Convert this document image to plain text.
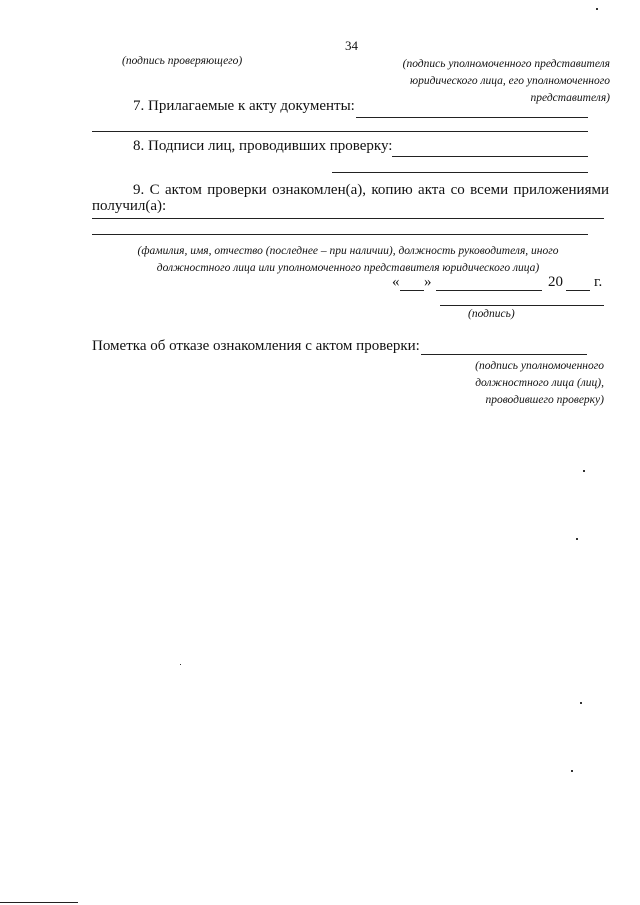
34
(подпись проверяющего)	(подпись уполномоченного представителя
юридического лица, его уполномоченного
представителя)
7. Прилагаемые к акту документы:
8. Подписи лиц, проводивших проверку:
9. С актом проверки ознакомлен(а), копию акта со всеми приложениями
получил(а):
(фамилия, имя, отчество (последнее – при наличии), должность руководителя, иного
должностного лица или уполномоченного представителя юридического лица)
« »	20 г.
(подпись)
Пометка об отказе ознакомления с актом проверки:
(подпись уполномоченного
должностного лица (лиц),
проводившего проверку)
